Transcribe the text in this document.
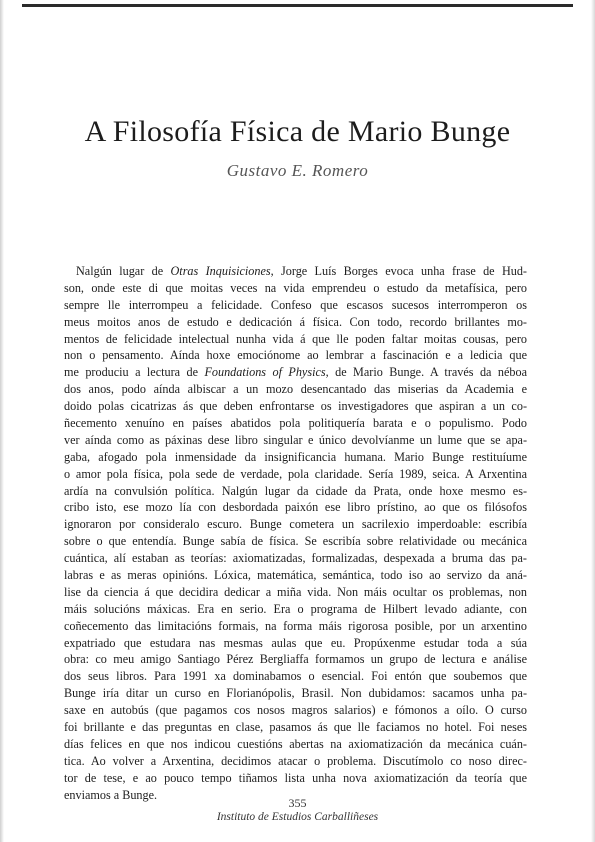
A Filosofía Física de Mario Bunge
Gustavo E. Romero
Nalgún lugar de Otras Inquisiciones, Jorge Luís Borges evoca unha frase de Hud-
son, onde este di que moitas veces na vida emprendeu o estudo da metafísica, pero
sempre lle interrompeu a felicidade. Confeso que escasos sucesos interromperon os
meus moitos anos de estudo e dedicación á física. Con todo, recordo brillantes mo-
mentos de felicidade intelectual nunha vida á que lle poden faltar moitas cousas, pero
non o pensamento. Aínda hoxe emociónome ao lembrar a fascinación e a ledicia que
me produciu a lectura de Foundations of Physics, de Mario Bunge. A través da néboa
dos anos, podo aínda albiscar a un mozo desencantado das miserias da Academia e
doido polas cicatrizas ás que deben enfrontarse os investigadores que aspiran a un co-
ñecemento xenuíno en países abatidos pola politiquería barata e o populismo. Podo
ver aínda como as páxinas dese libro singular e único devolvíanme un lume que se apa-
gaba, afogado pola inmensidade da insignificancia humana. Mario Bunge restituíume
o amor pola física, pola sede de verdade, pola claridade. Sería 1989, seica. A Arxentina
ardía na convulsión política. Nalgún lugar da cidade da Prata, onde hoxe mesmo es-
cribo isto, ese mozo lía con desbordada paixón ese libro prístino, ao que os filósofos
ignoraron por consideralo escuro. Bunge cometera un sacrilexio imperdoable: escribía
sobre o que entendía. Bunge sabía de física. Se escribía sobre relatividade ou mecánica
cuántica, alí estaban as teorías: axiomatizadas, formalizadas, despexada a bruma das pa-
labras e as meras opinións. Lóxica, matemática, semántica, todo iso ao servizo da aná-
lise da ciencia á que decidira dedicar a miña vida. Non máis ocultar os problemas, non
máis solucións máxicas. Era en serio. Era o programa de Hilbert levado adiante, con
coñecemento das limitacións formais, na forma máis rigorosa posible, por un arxentino
expatriado que estudara nas mesmas aulas que eu. Propúxenme estudar toda a súa
obra: co meu amigo Santiago Pérez Bergliaffa formamos un grupo de lectura e análise
dos seus libros. Para 1991 xa dominabamos o esencial. Foi entón que soubemos que
Bunge iría ditar un curso en Florianópolis, Brasil. Non dubidamos: sacamos unha pa-
saxe en autobús (que pagamos cos nosos magros salarios) e fómonos a oílo. O curso
foi brillante e das preguntas en clase, pasamos ás que lle faciamos no hotel. Foi neses
días felices en que nos indicou cuestións abertas na axiomatización da mecánica cuán-
tica. Ao volver a Arxentina, decidimos atacar o problema. Discutímolo co noso direc-
tor de tese, e ao pouco tempo tiñamos lista unha nova axiomatización da teoría que
enviamos a Bunge.
355
Instituto de Estudios Carballiñeses
